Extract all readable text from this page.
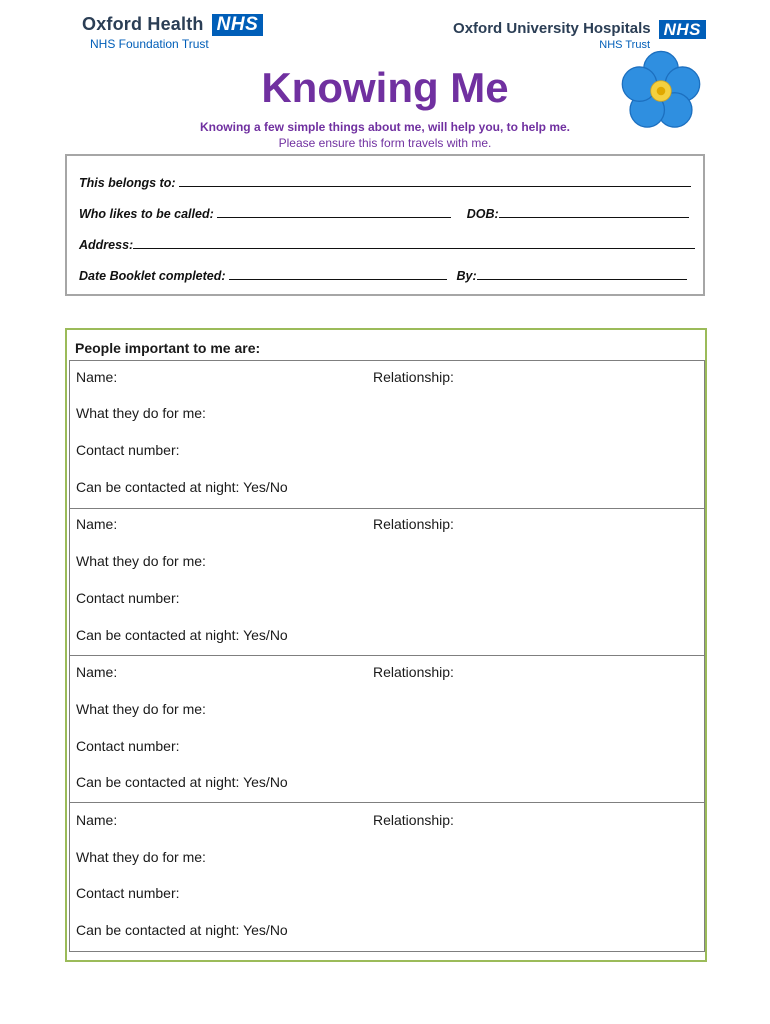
Oxford Health NHS
NHS Foundation Trust
Oxford University Hospitals NHS
NHS Trust
Knowing Me
Knowing a few simple things about me, will help you, to help me.
Please ensure this form travels with me.
This belongs to:
Who likes to be called:	DOB:
Address:
Date Booklet completed:	By:
People important to me are:
Name:	Relationship:
What they do for me:
Contact number:
Can be contacted at night: Yes/No
Name:	Relationship:
What they do for me:
Contact number:
Can be contacted at night: Yes/No
Name:	Relationship:
What they do for me:
Contact number:
Can be contacted at night: Yes/No
Name:	Relationship:
What they do for me:
Contact number:
Can be contacted at night: Yes/No
